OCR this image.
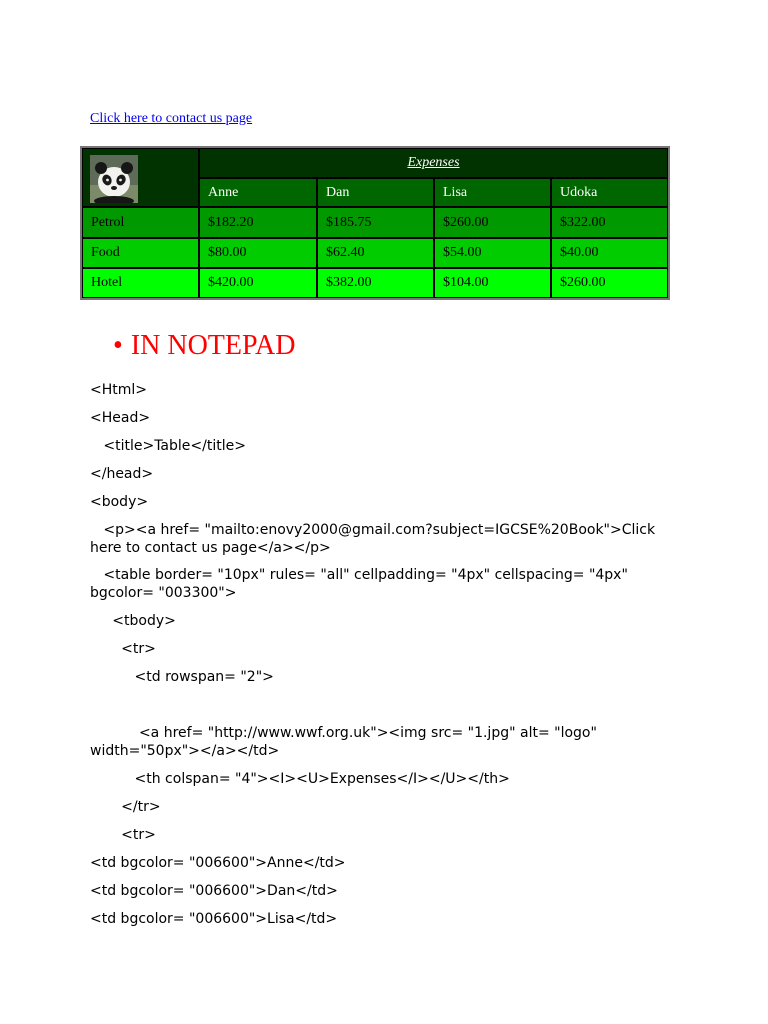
Click here to contact us page
Expenses
Anne	Dan	Lisa	Udoka
Petrol	$182.20	$185.75	$260.00	$322.00
Food	$80.00	$62.40	$54.00	$40.00
Hotel	$420.00	$382.00	$104.00	$260.00
• IN NOTEPAD
<Html>
<Head>
<title>Table</title>
</head>
<body>
<p><a href= "mailto:enovy2000@gmail.com?subject=IGCSE%20Book">Click here to contact us page</a></p>
<table border= "10px" rules= "all" cellpadding= "4px" cellspacing= "4px" bgcolor= "003300">
<tbody>
<tr>
<td rowspan= "2">
<a href= "http://www.wwf.org.uk"><img src= "1.jpg" alt= "logo" width="50px"></a></td>
<th colspan= "4"><I><U>Expenses</I></U></th>
</tr>
<tr>
<td bgcolor= "006600">Anne</td>
<td bgcolor= "006600">Dan</td>
<td bgcolor= "006600">Lisa</td>
